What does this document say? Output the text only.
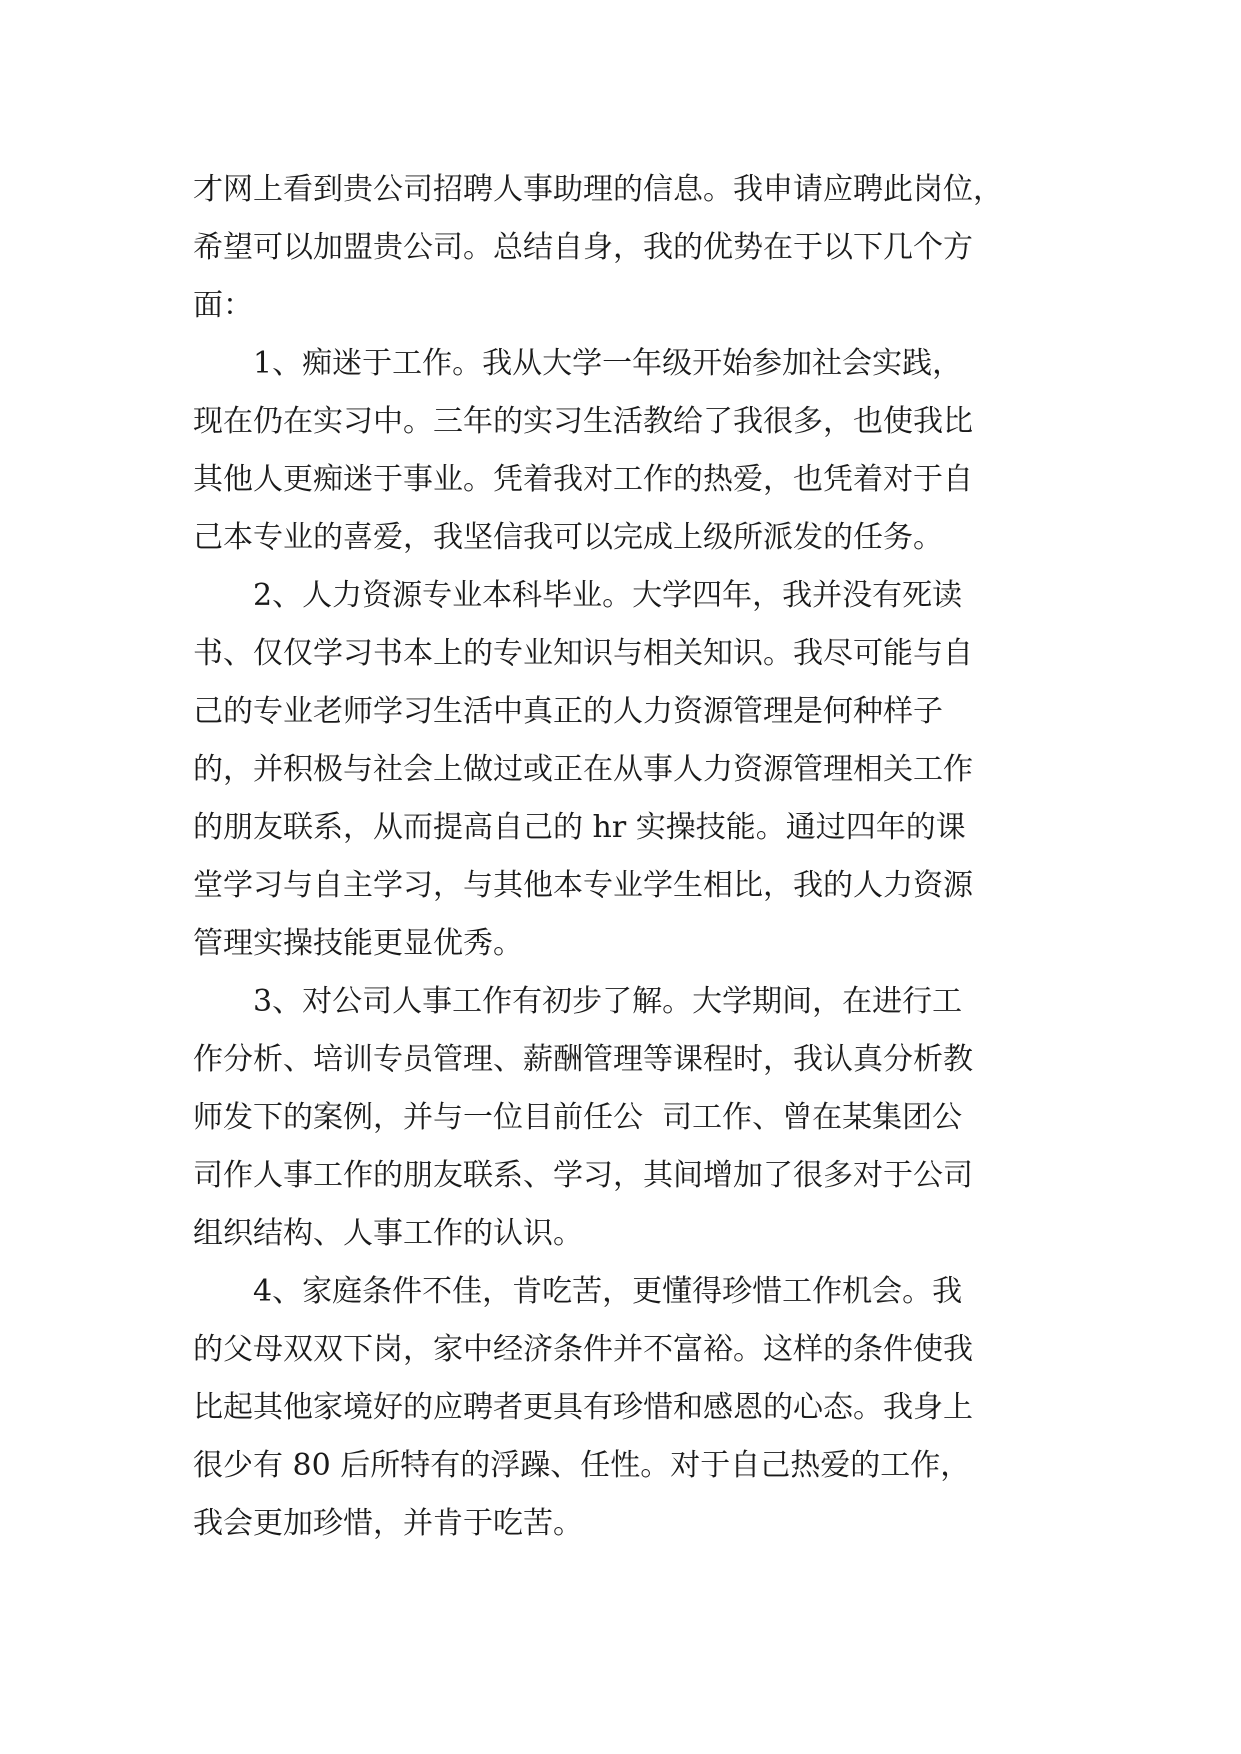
才网上看到贵公司招聘人事助理的信息。我申请应聘此岗位，
希望可以加盟贵公司。总结自身，我的优势在于以下几个方
面：
1、痴迷于工作。我从大学一年级开始参加社会实践，
现在仍在实习中。三年的实习生活教给了我很多，也使我比
其他人更痴迷于事业。凭着我对工作的热爱，也凭着对于自
己本专业的喜爱，我坚信我可以完成上级所派发的任务。
2、人力资源专业本科毕业。大学四年，我并没有死读
书、仅仅学习书本上的专业知识与相关知识。我尽可能与自
己的专业老师学习生活中真正的人力资源管理是何种样子
的，并积极与社会上做过或正在从事人力资源管理相关工作
的朋友联系，从而提高自己的 hr 实操技能。通过四年的课
堂学习与自主学习，与其他本专业学生相比，我的人力资源
管理实操技能更显优秀。
3、对公司人事工作有初步了解。大学期间，在进行工
作分析、培训专员管理、薪酬管理等课程时，我认真分析教
师发下的案例，并与一位目前任公  司工作、曾在某集团公
司作人事工作的朋友联系、学习，其间增加了很多对于公司
组织结构、人事工作的认识。
4、家庭条件不佳，肯吃苦，更懂得珍惜工作机会。我
的父母双双下岗，家中经济条件并不富裕。这样的条件使我
比起其他家境好的应聘者更具有珍惜和感恩的心态。我身上
很少有 80 后所特有的浮躁、任性。对于自己热爱的工作，
我会更加珍惜，并肯于吃苦。
